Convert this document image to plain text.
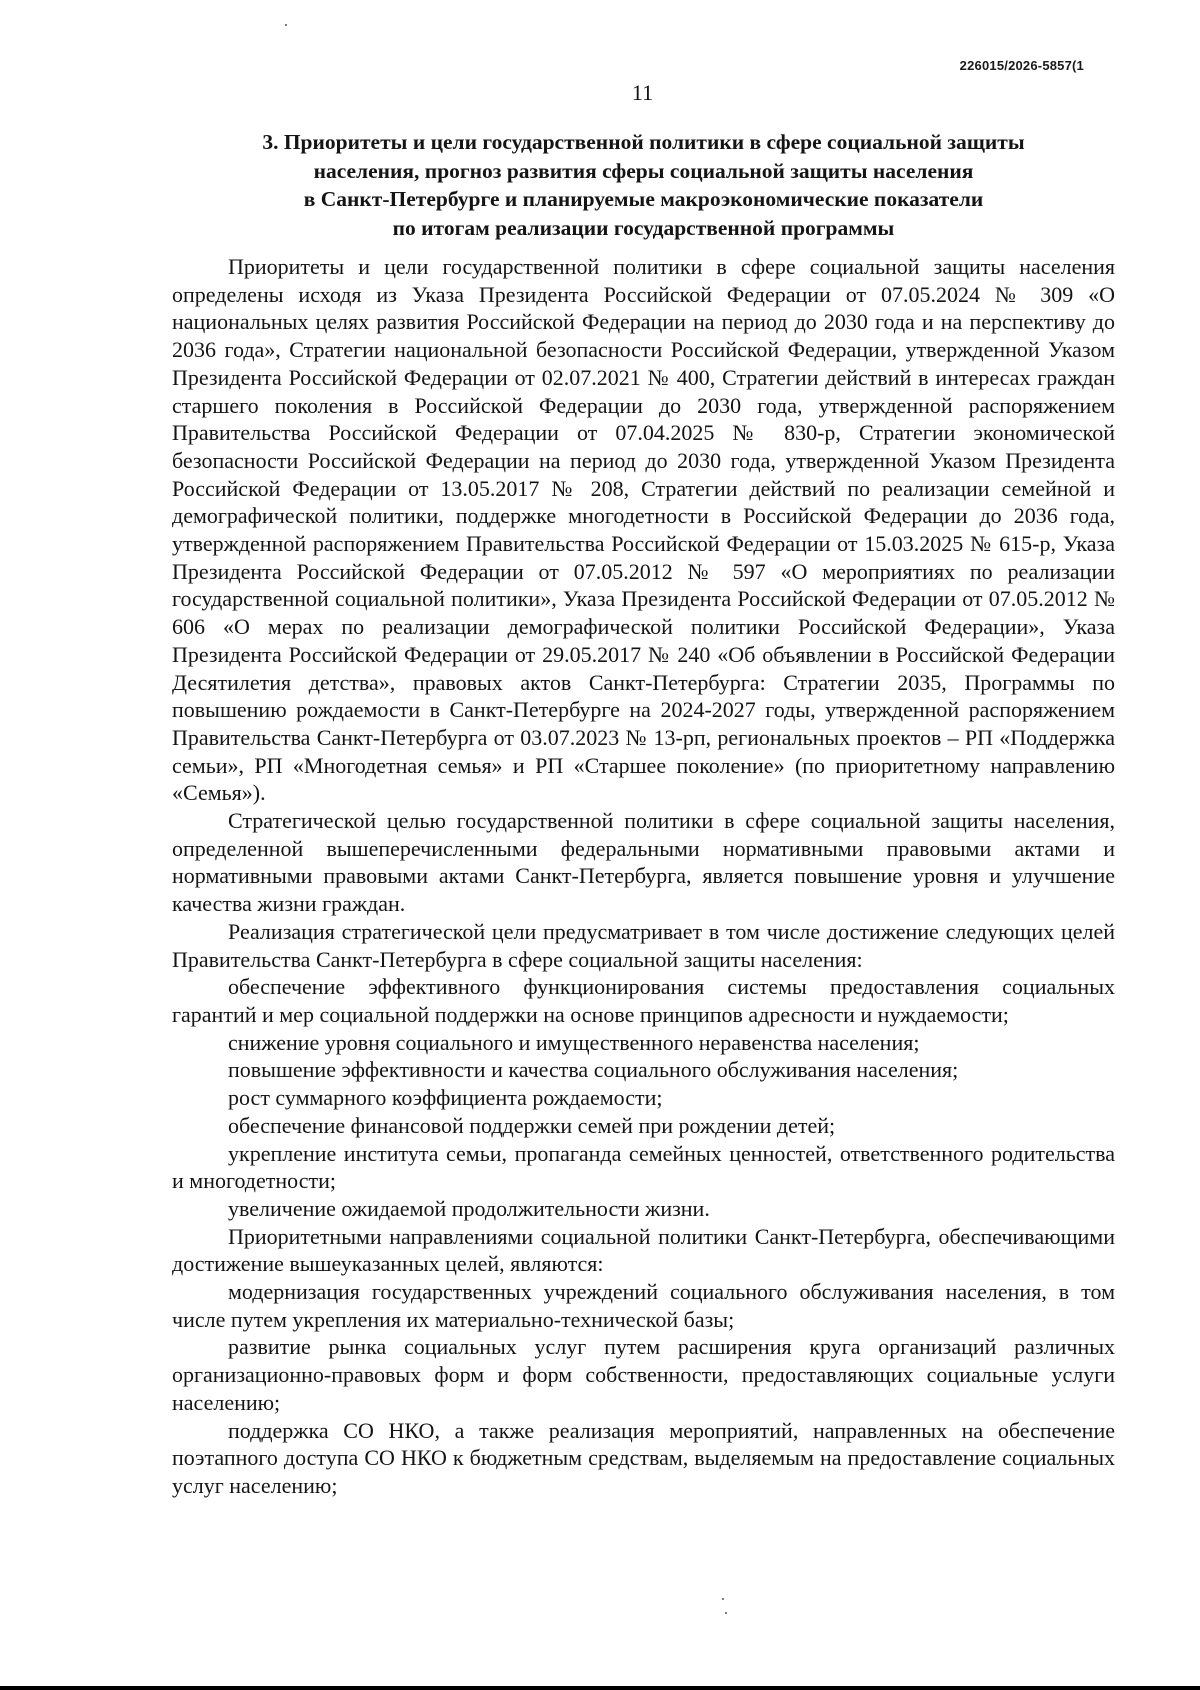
226015/2026-5857(1
11
3. Приоритеты и цели государственной политики в сфере социальной защиты
населения, прогноз развития сферы социальной защиты населения
в Санкт-Петербурге и планируемые макроэкономические показатели
по итогам реализации государственной программы

Приоритеты и цели государственной политики в сфере социальной защиты населения определены исходя из Указа Президента Российской Федерации от 07.05.2024 № 309 «О национальных целях развития Российской Федерации на период до 2030 года и на перспективу до 2036 года», Стратегии национальной безопасности Российской Федерации, утвержденной Указом Президента Российской Федерации от 02.07.2021 № 400, Стратегии действий в интересах граждан старшего поколения в Российской Федерации до 2030 года, утвержденной распоряжением Правительства Российской Федерации от 07.04.2025 № 830-р, Стратегии экономической безопасности Российской Федерации на период до 2030 года, утвержденной Указом Президента Российской Федерации от 13.05.2017 № 208, Стратегии действий по реализации семейной и демографической политики, поддержке многодетности в Российской Федерации до 2036 года, утвержденной распоряжением Правительства Российской Федерации от 15.03.2025 № 615-р, Указа Президента Российской Федерации от 07.05.2012 № 597 «О мероприятиях по реализации государственной социальной политики», Указа Президента Российской Федерации от 07.05.2012 № 606 «О мерах по реализации демографической политики Российской Федерации», Указа Президента Российской Федерации от 29.05.2017 № 240 «Об объявлении в Российской Федерации Десятилетия детства», правовых актов Санкт-Петербурга: Стратегии 2035, Программы по повышению рождаемости в Санкт-Петербурге на 2024-2027 годы, утвержденной распоряжением Правительства Санкт-Петербурга от 03.07.2023 № 13-рп, региональных проектов – РП «Поддержка семьи», РП «Многодетная семья» и РП «Старшее поколение» (по приоритетному направлению «Семья»).

Стратегической целью государственной политики в сфере социальной защиты населения, определенной вышеперечисленными федеральными нормативными правовыми актами и нормативными правовыми актами Санкт-Петербурга, является повышение уровня и улучшение качества жизни граждан.

Реализация стратегической цели предусматривает в том числе достижение следующих целей Правительства Санкт-Петербурга в сфере социальной защиты населения:

обеспечение эффективного функционирования системы предоставления социальных гарантий и мер социальной поддержки на основе принципов адресности и нуждаемости;

снижение уровня социального и имущественного неравенства населения;

повышение эффективности и качества социального обслуживания населения;

рост суммарного коэффициента рождаемости;

обеспечение финансовой поддержки семей при рождении детей;

укрепление института семьи, пропаганда семейных ценностей, ответственного родительства и многодетности;

увеличение ожидаемой продолжительности жизни.

Приоритетными направлениями социальной политики Санкт-Петербурга, обеспечивающими достижение вышеуказанных целей, являются:

модернизация государственных учреждений социального обслуживания населения, в том числе путем укрепления их материально-технической базы;

развитие рынка социальных услуг путем расширения круга организаций различных организационно-правовых форм и форм собственности, предоставляющих социальные услуги населению;

поддержка СО НКО, а также реализация мероприятий, направленных на обеспечение поэтапного доступа СО НКО к бюджетным средствам, выделяемым на предоставление социальных услуг населению;
